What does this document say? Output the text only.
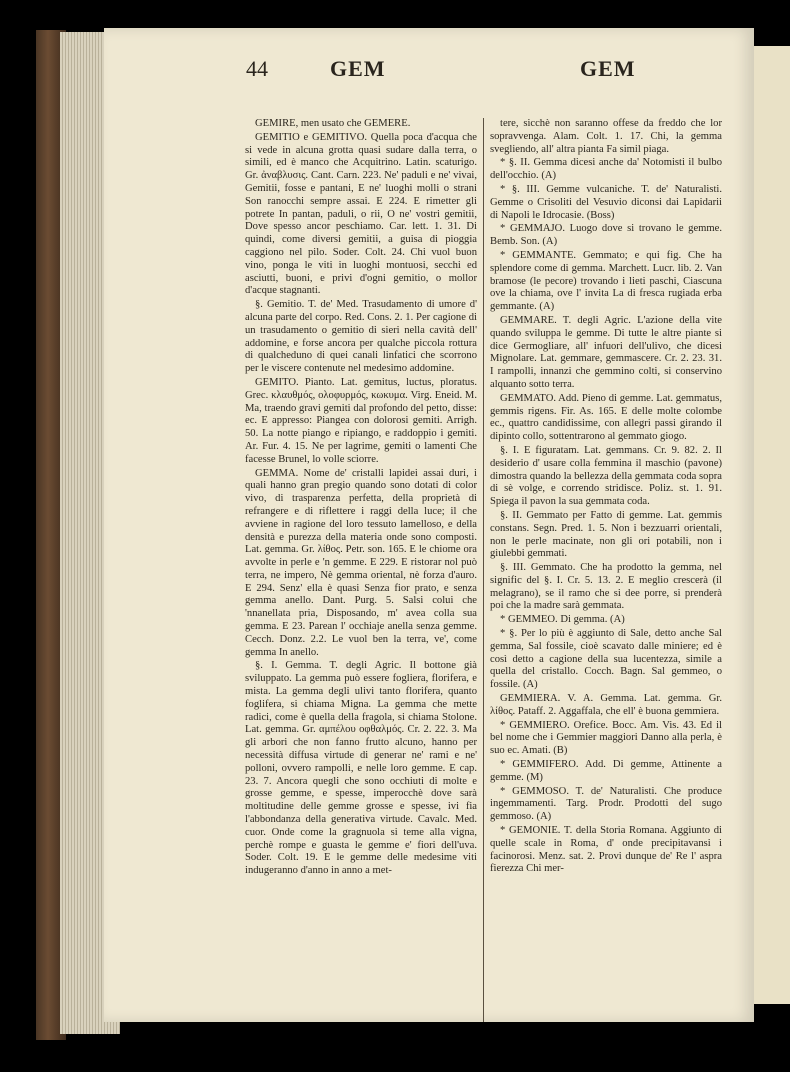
44	GEM	GEM

GEMIRE, men usato che GEMERE.

GEMITIO e GEMITIVO. Quella poca d'acqua che si vede in alcuna grotta quasi sudare dalla terra, o simili, ed è manco che Acquitrino. Latin. scaturigo. Gr. ἀναβλυσις. Cant. Carn. 223. Ne' paduli e ne' vivai, Gemitii, fosse e pantani, E ne' luoghi molli o strani Son ranocchi sempre assai. E 224. E rimetter gli potrete In pantan, paduli, o rii, O ne' vostri gemitii, Dove spesso ancor peschiamo. Car. lett. 1. 31. Di quindi, come diversi gemitii, a guisa di pioggia caggiono nel pilo. Soder. Colt. 24. Chi vuol buon vino, ponga le viti in luoghi montuosi, secchi ed asciutti, buoni, e privi d'ogni gemitio, o mollor d'acque stagnanti.

§. Gemitio. T. de' Med. Trasudamento di umore d' alcuna parte del corpo. Red. Cons. 2. 1. Per cagione di un trasudamento o gemitio di sieri nella cavità dell' addomine, e forse ancora per qualche piccola rottura di qualcheduno di quei canali linfatici che scorrono per le viscere contenute nel medesimo addomine.

GEMITO. Pianto. Lat. gemitus, luctus, ploratus. Grec. κλαυθμός, ολοφυρμός, κωκυμα. Virg. Eneid. M. Ma, traendo gravi gemiti dal profondo del petto, disse: ec. E appresso: Piangea con dolorosi gemiti. Arrigh. 50. La notte piango e ripiango, e raddoppio i gemiti. Ar. Fur. 4. 15. Ne per lagrime, gemiti o lamenti Che facesse Brunel, lo volle sciorre.

GEMMA. Nome de' cristalli lapidei assai duri, i quali hanno gran pregio quando sono dotati di color vivo, di trasparenza perfetta, della proprietà di refrangere e di riflettere i raggi della luce; il che avviene in ragione del loro tessuto lamelloso, e della densità e purezza della materia onde sono composti. Lat. gemma. Gr. λίθος. Petr. son. 165. E le chiome ora avvolte in perle e 'n gemme. E 229. E ristorar nol può terra, ne impero, Nè gemma oriental, nè forza d'auro. E 294. Senz' ella è quasi Senza fior prato, e senza gemma anello. Dant. Purg. 5. Salsi colui che 'nnanellata pria, Disposando, m' avea colla sua gemma. E 23. Parean l' occhiaje anella senza gemme. Cecch. Donz. 2.2. Le vuol ben la terra, ve', come gemma In anello.

§. I. Gemma. T. degli Agric. Il bottone già sviluppato. La gemma può essere fogliera, florifera, e mista. La gemma degli ulivi tanto florifera, quanto foglifera, si chiama Migna. La gemma che mette radici, come è quella della fragola, si chiama Stolone. Lat. gemma. Gr. αμπέλου οφθαλμός. Cr. 2. 22. 3. Ma gli arbori che non fanno frutto alcuno, hanno per necessità diffusa virtude di generar ne' rami e ne' polloni, ovvero rampolli, e nelle loro gemme. E cap. 23. 7. Ancora quegli che sono occhiuti di molte e grosse gemme, e spesse, imperocchè dove sarà moltitudine delle gemme grosse e spesse, ivi fia l'abbondanza della generativa virtude. Cavalc. Med. cuor. Onde come la gragnuola si teme alla vigna, perchè rompe e guasta le gemme e' fiori dell'uva. Soder. Colt. 19. E le gemme delle medesime viti indugeranno d'anno in anno a met-

tere, sicchè non saranno offese da freddo che lor sopravvenga. Alam. Colt. 1. 17. Chi, la gemma svegliendo, all' altra pianta Fa simil piaga.

* §. II. Gemma dicesi anche da' Notomisti il bulbo dell'occhio. (A)

* §. III. Gemme vulcaniche. T. de' Naturalisti. Gemme o Crisoliti del Vesuvio diconsi dai Lapidarii di Napoli le Idrocasie. (Boss)

* GEMMAJO. Luogo dove si trovano le gemme. Bemb. Son. (A)

* GEMMANTE. Gemmato; e qui fig. Che ha splendore come di gemma. Marchett. Lucr. lib. 2. Van bramose (le pecore) trovando i lieti paschi, Ciascuna ove la chiama, ove l' invita La di fresca rugiada erba gemmante. (A)

GEMMARE. T. degli Agric. L'azione della vite quando sviluppa le gemme. Di tutte le altre piante si dice Germogliare, all' infuori dell'ulivo, che dicesi Mignolare. Lat. gemmare, gemmascere. Cr. 2. 23. 31. I rampolli, innanzi che gemmino colti, si conservino alquanto sotto terra.

GEMMATO. Add. Pieno di gemme. Lat. gemmatus, gemmis rigens. Fir. As. 165. E delle molte colombe ec., quattro candidissime, con allegri passi girando il dipinto collo, sottentrarono al gemmato giogo.

§. I. E figuratam. Lat. gemmans. Cr. 9. 82. 2. Il desiderio d' usare colla femmina il maschio (pavone) dimostra quando la bellezza della gemmata coda sopra di sè volge, e correndo stridisce. Poliz. st. 1. 91. Spiega il pavon la sua gemmata coda.

§. II. Gemmato per Fatto di gemme. Lat. gemmis constans. Segn. Pred. 1. 5. Non i bezzuarri orientali, non le perle macinate, non gli ori potabili, non i giulebbi gemmati.

§. III. Gemmato. Che ha prodotto la gemma, nel signific del §. I. Cr. 5. 13. 2. E meglio crescerà (il melagrano), se il ramo che si dee porre, si prenderà poi che la madre sarà gemmata.

* GEMMEO. Di gemma. (A)

* §. Per lo più è aggiunto di Sale, detto anche Sal gemma, Sal fossile, cioè scavato dalle miniere; ed è così detto a cagione della sua lucentezza, simile a quella del cristallo. Cocch. Bagn. Sal gemmeo, o fossile. (A)

GEMMIERA. V. A. Gemma. Lat. gemma. Gr. λίθος. Pataff. 2. Aggaffala, che ell' è buona gemmiera.

* GEMMIERO. Orefice. Bocc. Am. Vis. 43. Ed il bel nome che i Gemmier maggiori Danno alla perla, è suo ec. Amati. (B)

* GEMMIFERO. Add. Di gemme, Attinente a gemme. (M)

* GEMMOSO. T. de' Naturalisti. Che produce ingemmamenti. Targ. Prodr. Prodotti del sugo gemmoso. (A)

* GEMONIE. T. della Storia Romana. Aggiunto di quelle scale in Roma, d' onde precipitavansi i facinorosi. Menz. sat. 2. Provi dunque de' Re l' aspra fierezza Chi mer-
